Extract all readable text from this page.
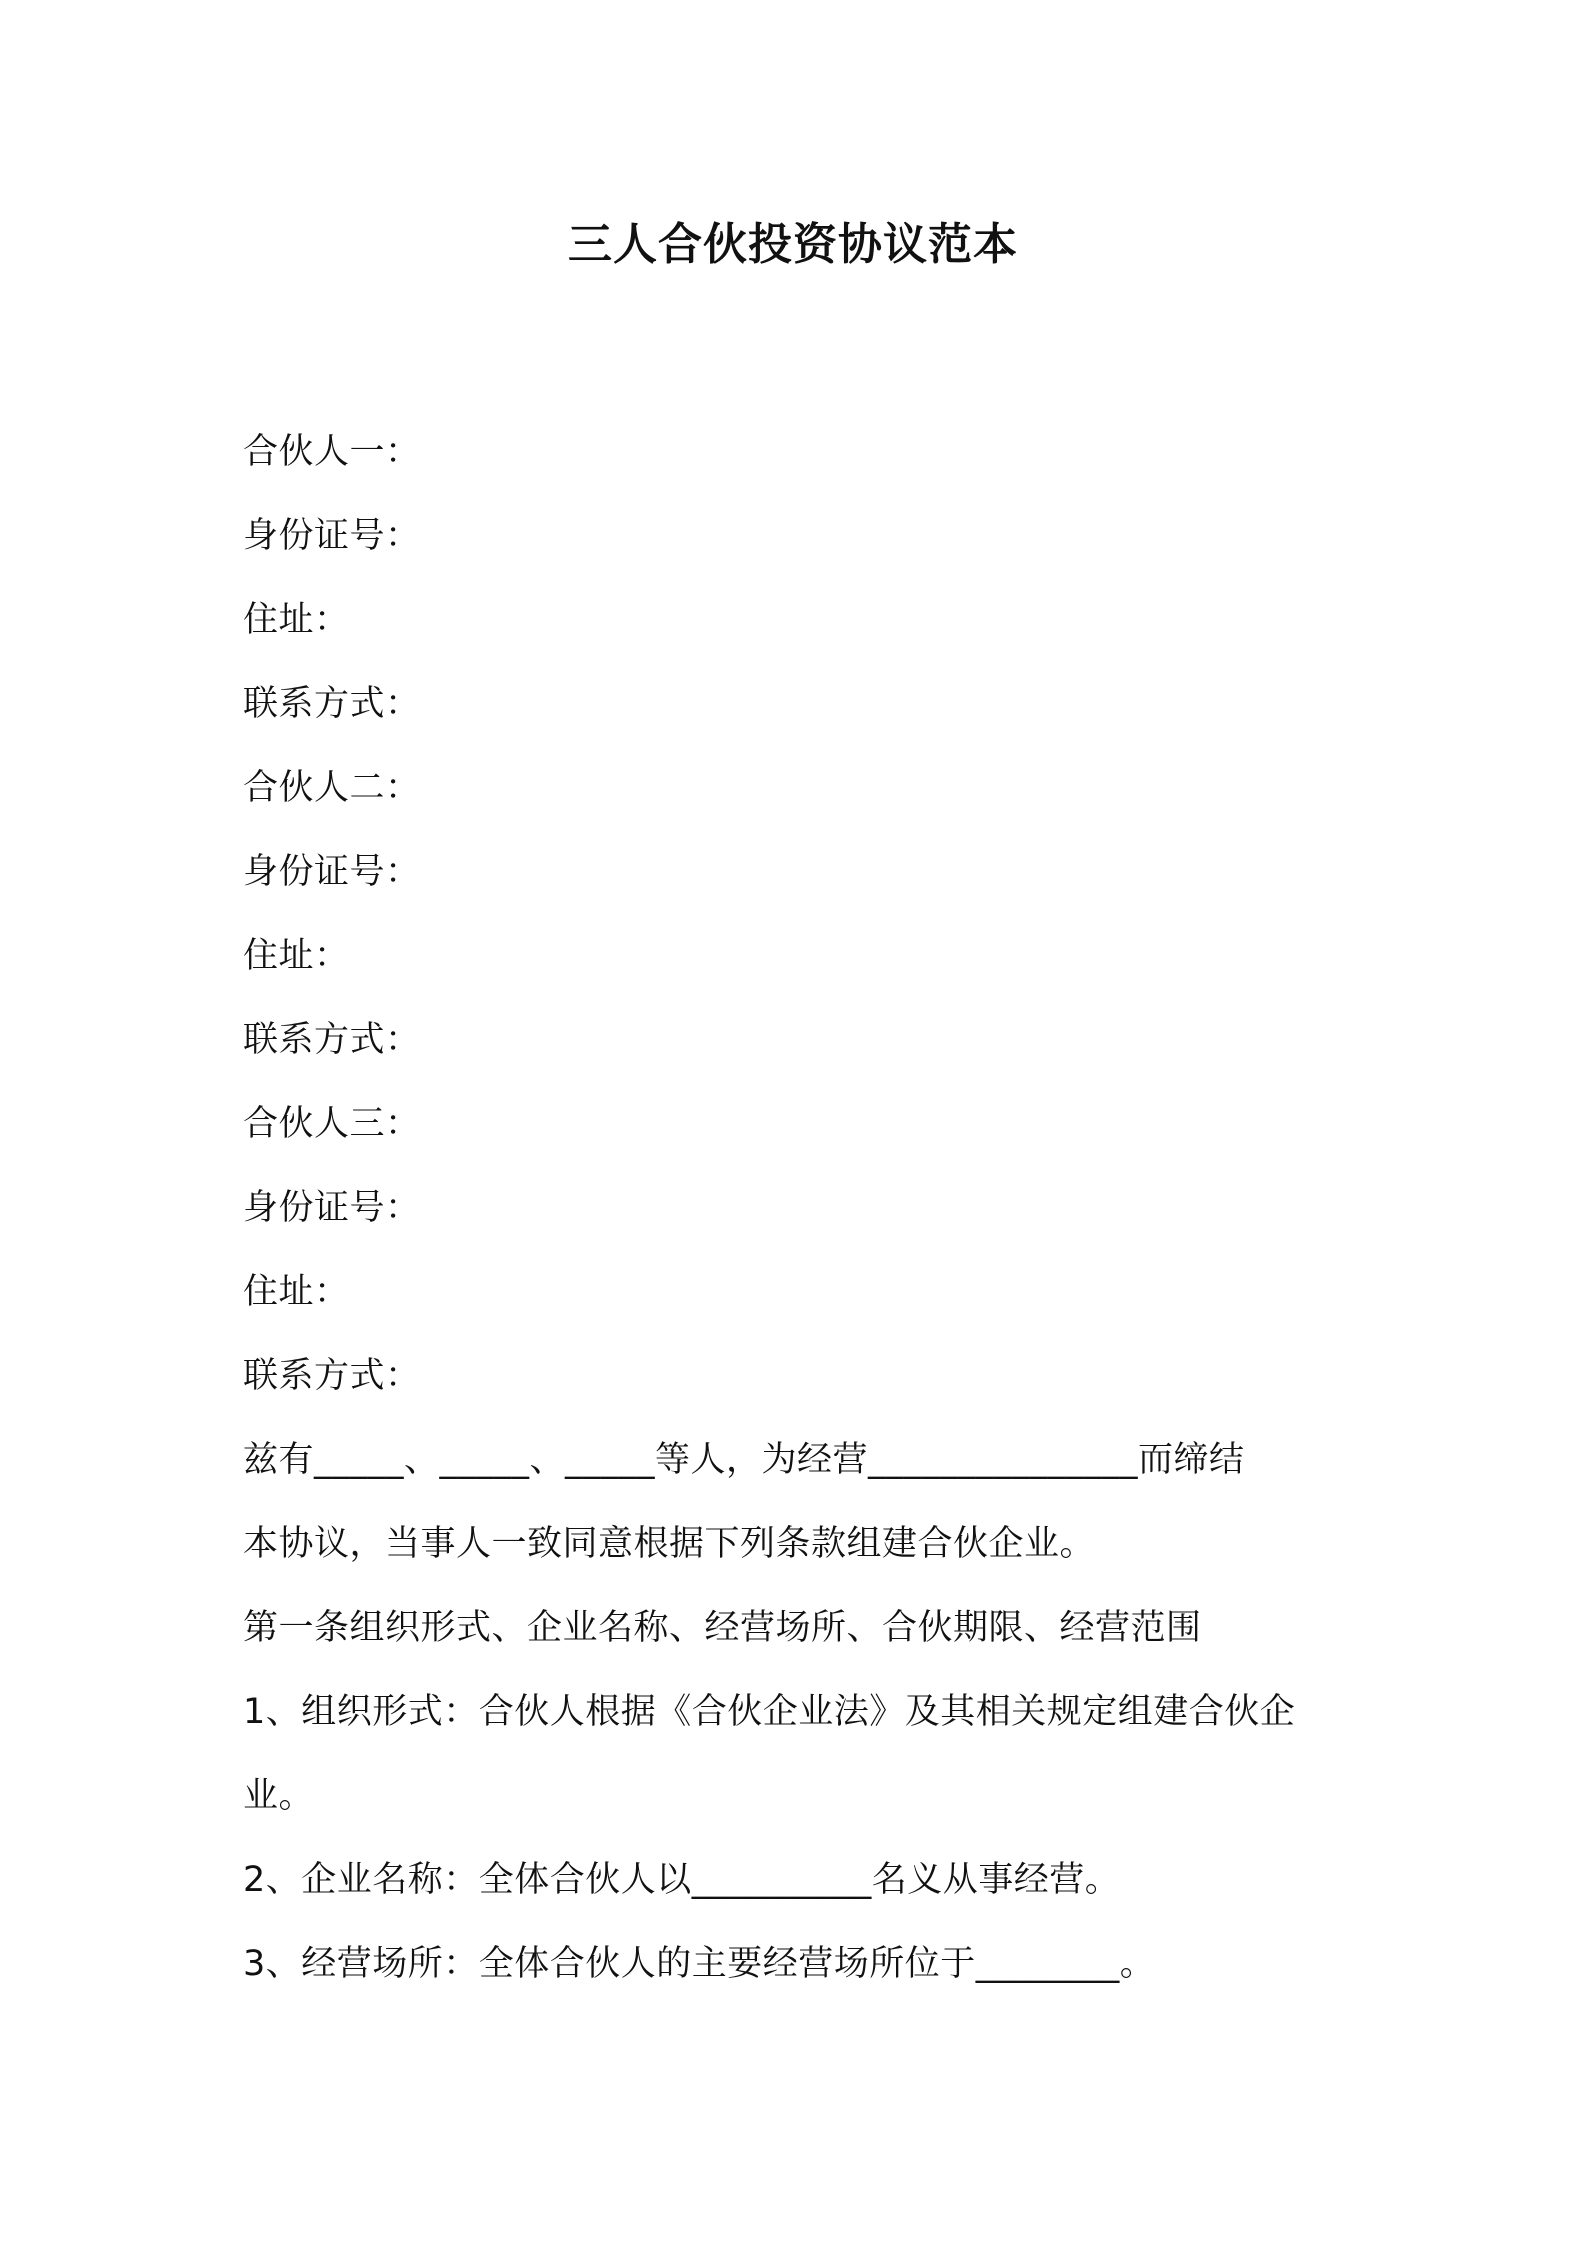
三人合伙投资协议范本
合伙人一：
身份证号：
住址：
联系方式：
合伙人二：
身份证号：
住址：
联系方式：
合伙人三：
身份证号：
住址：
联系方式：
兹有_____、_____、_____等人，为经营_______________而缔结
本协议，当事人一致同意根据下列条款组建合伙企业。
第一条组织形式、企业名称、经营场所、合伙期限、经营范围
1、组织形式：合伙人根据《合伙企业法》及其相关规定组建合伙企
业。
2、企业名称：全体合伙人以__________名义从事经营。
3、经营场所：全体合伙人的主要经营场所位于________。
